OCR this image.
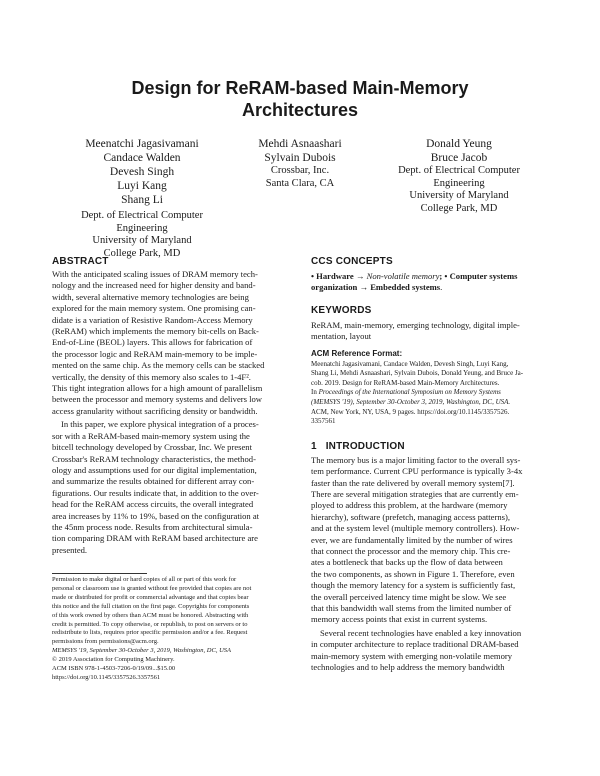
Design for ReRAM-based Main-Memory
Architectures
Meenatchi Jagasivamani
Candace Walden
Devesh Singh
Luyi Kang
Shang Li
Dept. of Electrical Computer
Engineering
University of Maryland
College Park, MD
Mehdi Asnaashari
Sylvain Dubois
Crossbar, Inc.
Santa Clara, CA
Donald Yeung
Bruce Jacob
Dept. of Electrical Computer
Engineering
University of Maryland
College Park, MD
ABSTRACT
With the anticipated scaling issues of DRAM memory tech-
nology and the increased need for higher density and band-
width, several alternative memory technologies are being
explored for the main memory system. One promising can-
didate is a variation of Resistive Random-Access Memory
(ReRAM) which implements the memory bit-cells on Back-
End-of-Line (BEOL) layers. This allows for fabrication of
the processor logic and ReRAM main-memory to be imple-
mented on the same chip. As the memory cells can be stacked
vertically, the density of this memory also scales to 1-4F².
This tight integration allows for a high amount of parallelism
between the processor and memory systems and delivers low
access granularity without sacrificing density or bandwidth.
In this paper, we explore physical integration of a proces-
sor with a ReRAM-based main-memory system using the
bitcell technology developed by Crossbar, Inc. We present
Crossbar's ReRAM technology characteristics, the method-
ology and assumptions used for our digital implementation,
and summarize the results obtained for different array con-
figurations. Our results indicate that, in addition to the over-
head for the ReRAM access circuits, the overall integrated
area increases by 11% to 19%, based on the configuration at
the 45nm process node. Results from architectural simula-
tion comparing DRAM with ReRAM based architecture are
presented.
Permission to make digital or hard copies of all or part of this work for
personal or classroom use is granted without fee provided that copies are not
made or distributed for profit or commercial advantage and that copies bear
this notice and the full citation on the first page. Copyrights for components
of this work owned by others than ACM must be honored. Abstracting with
credit is permitted. To copy otherwise, or republish, to post on servers or to
redistribute to lists, requires prior specific permission and/or a fee. Request
permissions from permissions@acm.org.
MEMSYS '19, September 30-October 3, 2019, Washington, DC, USA
© 2019 Association for Computing Machinery.
ACM ISBN 978-1-4503-7206-0/19/09...$15.00
https://doi.org/10.1145/3357526.3357561
CCS CONCEPTS
• Hardware → Non-volatile memory; • Computer systems
organization → Embedded systems.
KEYWORDS
ReRAM, main-memory, emerging technology, digital imple-
mentation, layout
ACM Reference Format:
Meenatchi Jagasivamani, Candace Walden, Devesh Singh, Luyi Kang,
Shang Li, Mehdi Asnaashari, Sylvain Dubois, Donald Yeung, and Bruce Ja-
cob. 2019. Design for ReRAM-based Main-Memory Architectures.
In Proceedings of the International Symposium on Memory Systems
(MEMSYS '19), September 30-October 3, 2019, Washington, DC, USA.
ACM, New York, NY, USA, 9 pages. https://doi.org/10.1145/3357526.
3357561
1   INTRODUCTION
The memory bus is a major limiting factor to the overall sys-
tem performance. Current CPU performance is typically 3-4x
faster than the rate delivered by overall memory system[7].
There are several mitigation strategies that are currently em-
ployed to address this problem, at the hardware (memory
hierarchy), software (prefetch, managing access patterns),
and at the system level (multiple memory controllers). How-
ever, we are fundamentally limited by the number of wires
that connect the processor and the memory chip. This cre-
ates a bottleneck that backs up the flow of data between
the two components, as shown in Figure 1. Therefore, even
though the memory latency for a system is sufficiently fast,
the overall perceived latency time might be slow. We see
that this bandwidth wall stems from the limited number of
memory access points that exist in current systems.
Several recent technologies have enabled a key innovation
in computer architecture to replace traditional DRAM-based
main-memory system with emerging non-volatile memory
technologies and to help address the memory bandwidth
